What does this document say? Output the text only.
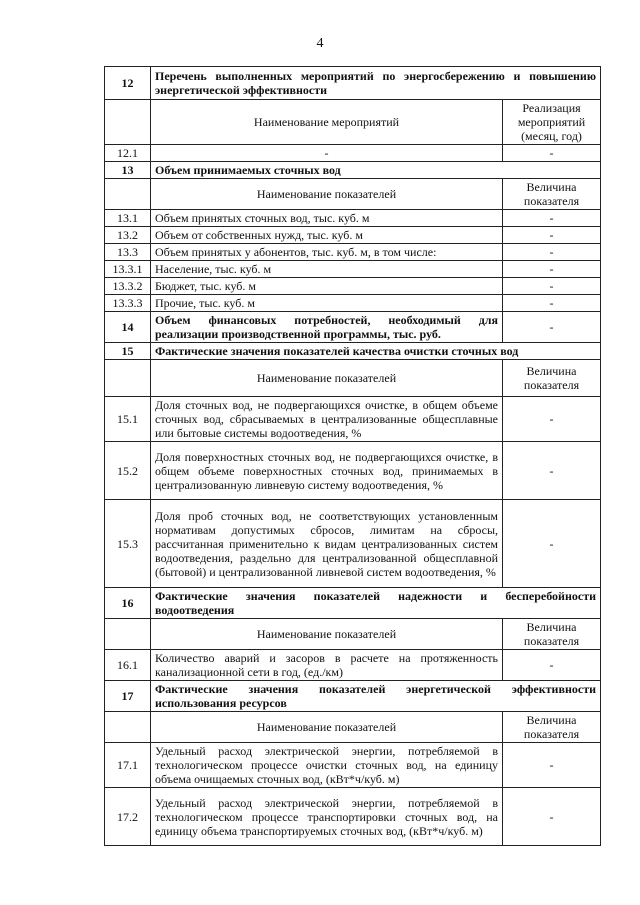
4
12	Перечень выполненных мероприятий по энергосбережению и повышению энергетической эффективности	
	Наименование мероприятий	Реализация мероприятий (месяц, год)
12.1	-	-
13	Объем принимаемых сточных вод	
	Наименование показателей	Величина показателя
13.1	Объем принятых сточных вод, тыс. куб. м	-
13.2	Объем от собственных нужд, тыс. куб. м	-
13.3	Объем принятых у абонентов, тыс. куб. м, в том числе:	-
13.3.1	Население, тыс. куб. м	-
13.3.2	Бюджет, тыс. куб. м	-
13.3.3	Прочие, тыс. куб. м	-
14	Объем финансовых потребностей, необходимый для реализации производственной программы, тыс. руб.	-
15	Фактические значения показателей качества очистки сточных вод	
	Наименование показателей	Величина показателя
15.1	Доля сточных вод, не подвергающихся очистке, в общем объеме сточных вод, сбрасываемых в централизованные общесплавные или бытовые системы водоотведения, %	-
15.2	Доля поверхностных сточных вод, не подвергающихся очистке, в общем объеме поверхностных сточных вод, принимаемых в централизованную ливневую систему водоотведения, %	-
15.3	Доля проб сточных вод, не соответствующих установленным нормативам допустимых сбросов, лимитам на сбросы, рассчитанная применительно к видам централизованных систем водоотведения, раздельно для централизованной общесплавной (бытовой) и централизованной ливневой систем водоотведения, %	-
16	Фактические значения показателей надежности и бесперебойности водоотведения	
	Наименование показателей	Величина показателя
16.1	Количество аварий и засоров в расчете на протяженность канализационной сети в год, (ед./км)	-
17	Фактические значения показателей энергетической эффективности использования ресурсов	
	Наименование показателей	Величина показателя
17.1	Удельный расход электрической энергии, потребляемой в технологическом процессе очистки сточных вод, на единицу объема очищаемых сточных вод, (кВт*ч/куб. м)	-
17.2	Удельный расход электрической энергии, потребляемой в технологическом процессе транспортировки сточных вод, на единицу объема транспортируемых сточных вод, (кВт*ч/куб. м)	-
